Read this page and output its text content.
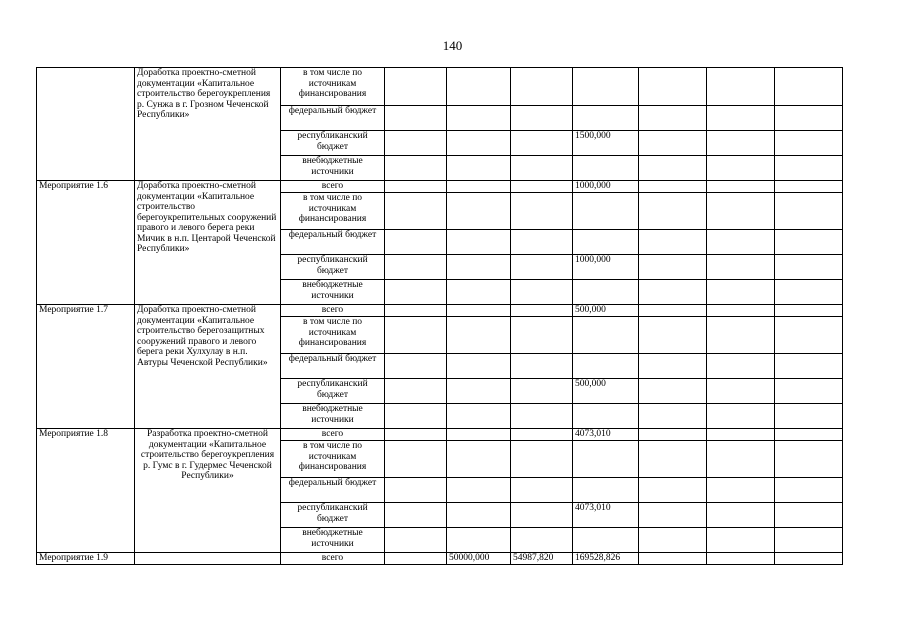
140
	Доработка проектно-сметной документации «Капитальное строительство берегоукрепления р. Сунжа в г. Грозном Чеченской Республики»	в том числе по источникам финансирования							
		федеральный бюджет							
		республиканский бюджет				1500,000			
		внебюджетные источники							
Мероприятие 1.6	Доработка проектно-сметной документации «Капитальное строительство берегоукрепительных сооружений правого и левого берега реки Мичик в н.п. Центарой Чеченской Республики»	всего				1000,000			
		в том числе по источникам финансирования							
		федеральный бюджет							
		республиканский бюджет				1000,000			
		внебюджетные источники							
Мероприятие 1.7	Доработка проектно-сметной документации «Капитальное строительство берегозащитных сооружений правого и левого берега реки Хулхулау в н.п. Автуры Чеченской Республики»	всего				500,000			
		в том числе по источникам финансирования							
		федеральный бюджет							
		республиканский бюджет				500,000			
		внебюджетные источники							
Мероприятие 1.8	Разработка проектно-сметной документации «Капитальное строительство берегоукрепления р. Гумс в г. Гудермес Чеченской Республики»	всего				4073,010			
		в том числе по источникам финансирования							
		федеральный бюджет							
		республиканский бюджет				4073,010			
		внебюджетные источники							
Мероприятие 1.9		всего		50000,000	54987,820	169528,826			
